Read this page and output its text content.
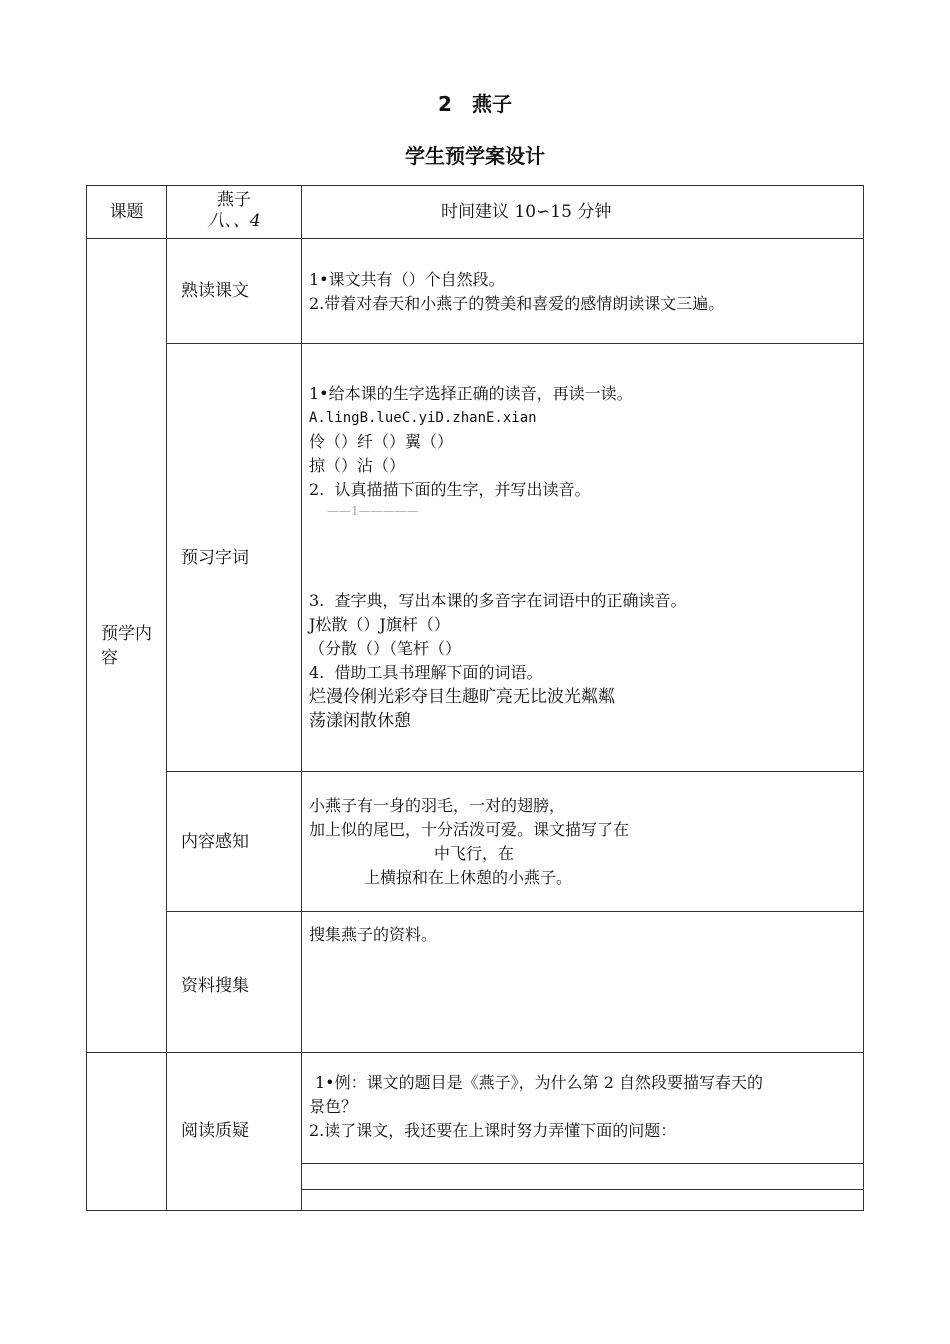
2　燕子
学生预学案设计
课题
燕子
八、、4	时间建议 10∽15 分钟
预学内容
熟读课文
1•课文共有（）个自然段。
2.带着对春天和小燕子的赞美和喜爱的感情朗读课文三遍。
预习字词
1•给本课的生字选择正确的读音，再读一读。
A.lingB.lueC.yiD.zhanE.xian
伶（）纤（）翼（）
掠（）沾（）
2.  认真描描下面的生字，并写出读音。
——1—————
3.  查字典，写出本课的多音字在词语中的正确读音。
J松散（）J旗杆（）
（分散（）（笔杆（）
4.  借助工具书理解下面的词语。
烂漫伶俐光彩夺目生趣旷亮无比波光粼粼
荡漾闲散休憩
内容感知
小燕子有一身的羽毛，一对的翅膀，
加上似的尾巴，十分活泼可爱。课文描写了在
中飞行，在
上横掠和在上休憩的小燕子。
资料搜集
搜集燕子的资料。
阅读质疑
1•例：课文的题目是《燕子》，为什么第 2 自然段要描写春天的
景色？
2.读了课文，我还要在上课时努力弄懂下面的问题：
